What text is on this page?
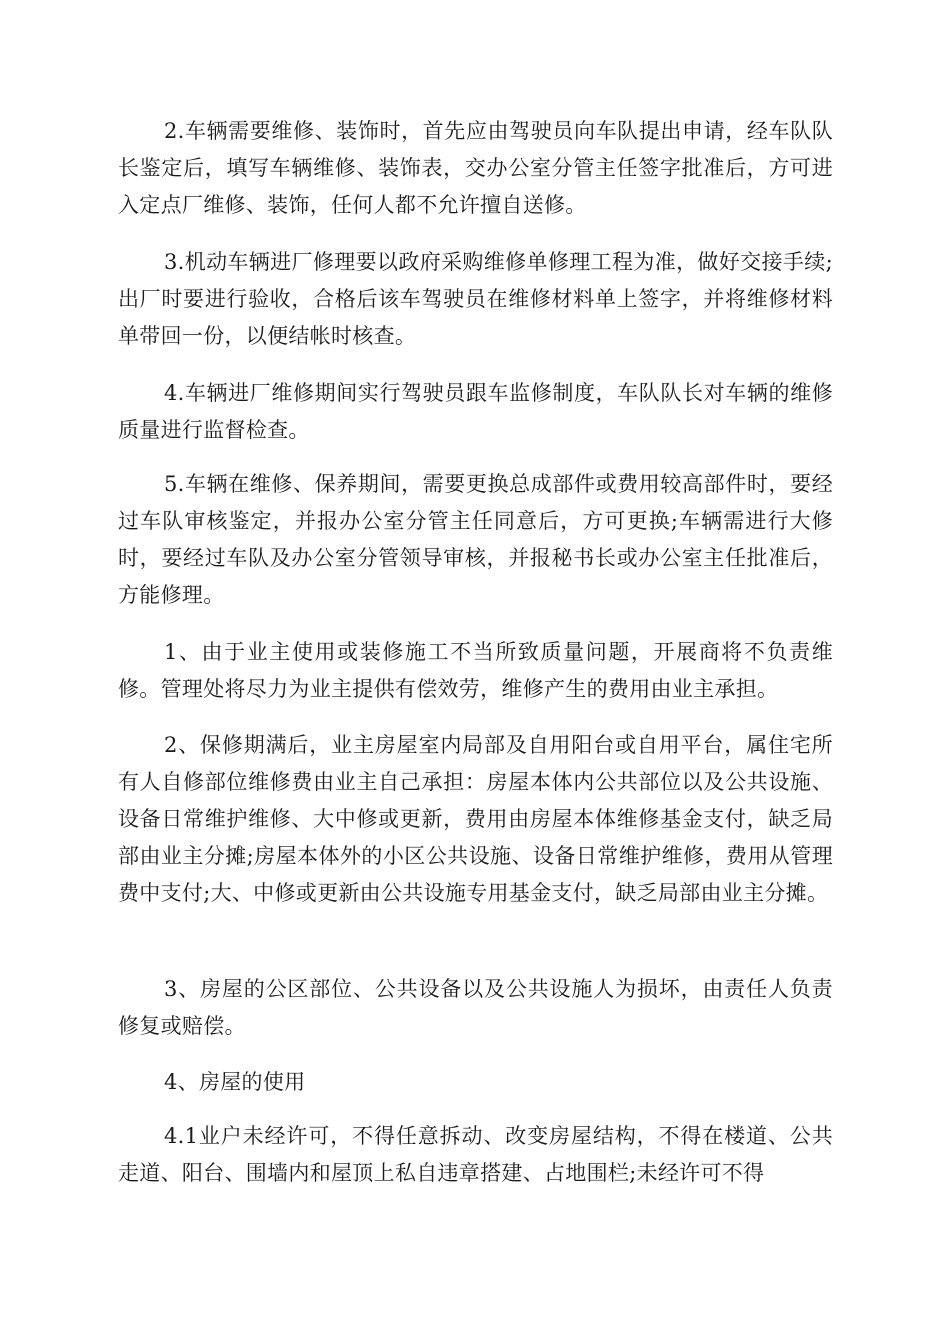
2.车辆需要维修、装饰时，首先应由驾驶员向车队提出申请，经车队队长鉴定后，填写车辆维修、装饰表，交办公室分管主任签字批准后，方可进入定点厂维修、装饰，任何人都不允许擅自送修。

3.机动车辆进厂修理要以政府采购维修单修理工程为准，做好交接手续;出厂时要进行验收，合格后该车驾驶员在维修材料单上签字，并将维修材料单带回一份，以便结帐时核查。

4.车辆进厂维修期间实行驾驶员跟车监修制度，车队队长对车辆的维修质量进行监督检查。

5.车辆在维修、保养期间，需要更换总成部件或费用较高部件时，要经过车队审核鉴定，并报办公室分管主任同意后，方可更换;车辆需进行大修时，要经过车队及办公室分管领导审核，并报秘书长或办公室主任批准后，方能修理。

1、由于业主使用或装修施工不当所致质量问题，开展商将不负责维修。管理处将尽力为业主提供有偿效劳，维修产生的费用由业主承担。

2、保修期满后，业主房屋室内局部及自用阳台或自用平台，属住宅所有人自修部位维修费由业主自己承担：房屋本体内公共部位以及公共设施、设备日常维护维修、大中修或更新，费用由房屋本体维修基金支付，缺乏局部由业主分摊;房屋本体外的小区公共设施、设备日常维护维修，费用从管理费中支付;大、中修或更新由公共设施专用基金支付，缺乏局部由业主分摊。

3、房屋的公区部位、公共设备以及公共设施人为损坏，由责任人负责修复或赔偿。

4、房屋的使用

4.1业户未经许可，不得任意拆动、改变房屋结构，不得在楼道、公共走道、阳台、围墙内和屋顶上私自违章搭建、占地围栏;未经许可不得
